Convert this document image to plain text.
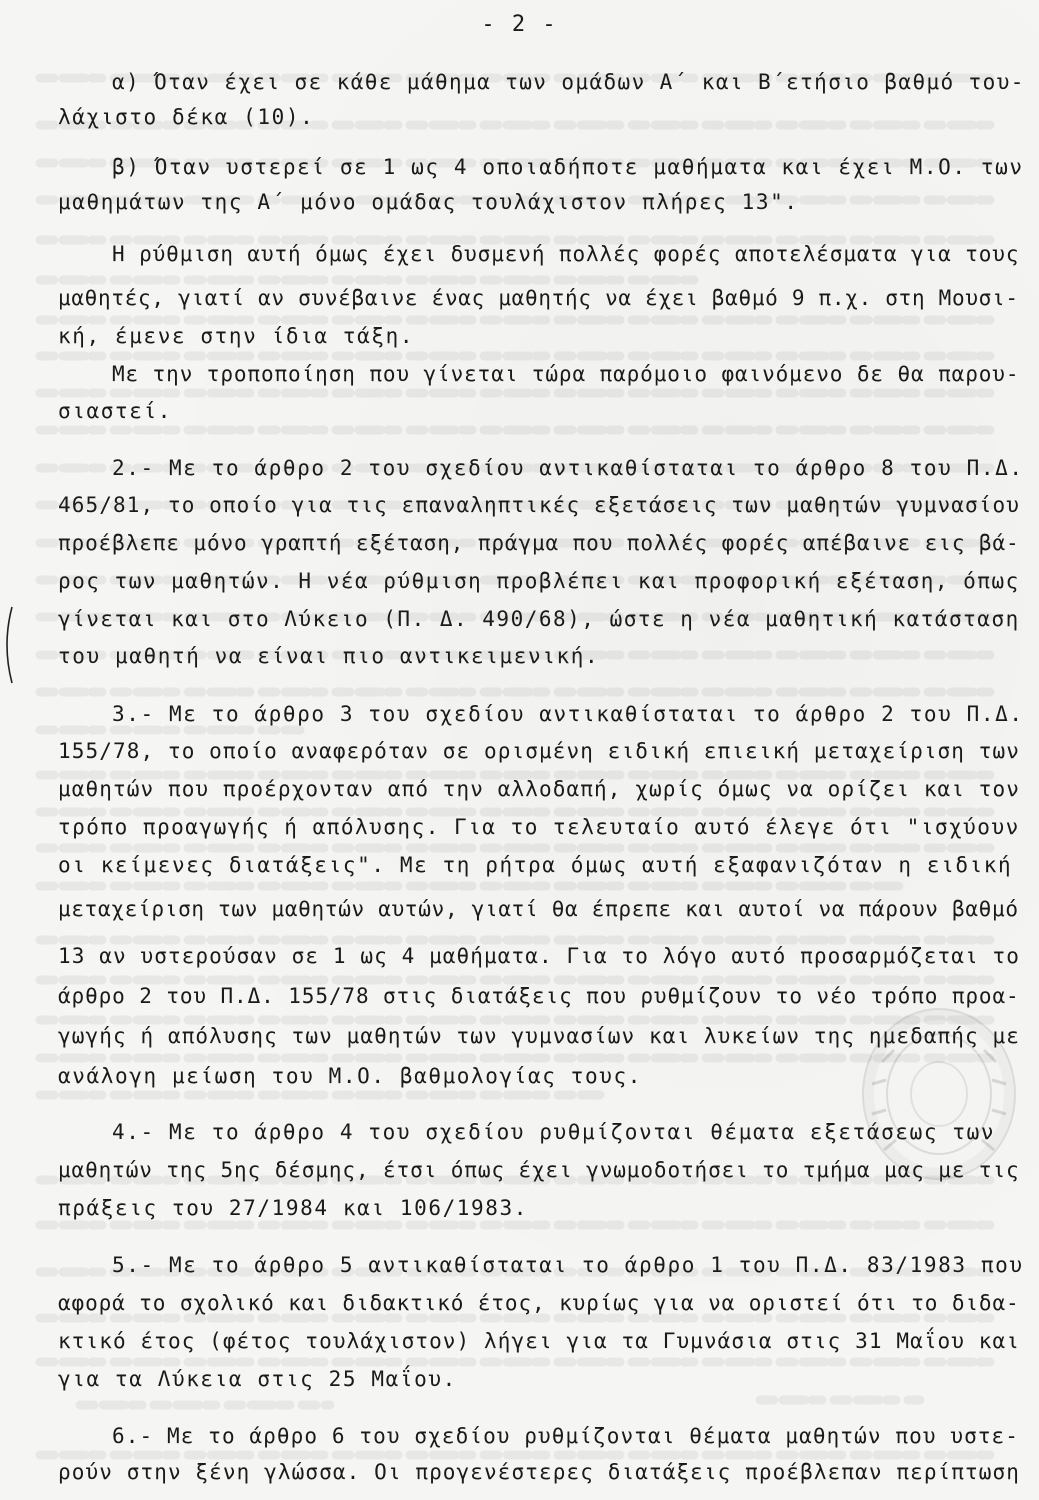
- 2 -
α) Όταν έχει σε κάθε μάθημα των ομάδων Α΄ και Β΄ετήσιο βαθμό του-
λάχιστο δέκα (10).
β) Όταν υστερεί σε 1 ως 4 οποιαδήποτε μαθήματα και έχει Μ.Ο. των
μαθημάτων της Α΄ μόνο ομάδας τουλάχιστον πλήρες 13".
Η ρύθμιση αυτή όμως έχει δυσμενή πολλές φορές αποτελέσματα για τους
μαθητές, γιατί αν συνέβαινε ένας μαθητής να έχει βαθμό 9 π.χ. στη Μουσι-
κή, έμενε στην ίδια τάξη.
Με την τροποποίηση που γίνεται τώρα παρόμοιο φαινόμενο δε θα παρου-
σιαστεί.
2.- Με το άρθρο 2 του σχεδίου αντικαθίσταται το άρθρο 8 του Π.Δ.
465/81, το οποίο για τις επαναληπτικές εξετάσεις των μαθητών γυμνασίου
προέβλεπε μόνο γραπτή εξέταση, πράγμα που πολλές φορές απέβαινε εις βά-
ρος των μαθητών. Η νέα ρύθμιση προβλέπει και προφορική εξέταση, όπως
γίνεται και στο Λύκειο (Π. Δ. 490/68), ώστε η νέα μαθητική κατάσταση
του μαθητή να είναι πιο αντικειμενική.
3.- Με το άρθρο 3 του σχεδίου αντικαθίσταται το άρθρο 2 του Π.Δ.
155/78, το οποίο αναφερόταν σε ορισμένη ειδική επιεική μεταχείριση των
μαθητών που προέρχονταν από την αλλοδαπή, χωρίς όμως να ορίζει και τον
τρόπο προαγωγής ή απόλυσης. Για το τελευταίο αυτό έλεγε ότι "ισχύουν
οι κείμενες διατάξεις". Με τη ρήτρα όμως αυτή εξαφανιζόταν η ειδική
μεταχείριση των μαθητών αυτών, γιατί θα έπρεπε και αυτοί να πάρουν βαθμό
13 αν υστερούσαν σε 1 ως 4 μαθήματα. Για το λόγο αυτό προσαρμόζεται το
άρθρο 2 του Π.Δ. 155/78 στις διατάξεις που ρυθμίζουν το νέο τρόπο προα-
γωγής ή απόλυσης των μαθητών των γυμνασίων και λυκείων της ημεδαπής με
ανάλογη μείωση του Μ.Ο. βαθμολογίας τους.
4.- Με το άρθρο 4 του σχεδίου ρυθμίζονται θέματα εξετάσεως των
μαθητών της 5ης δέσμης, έτσι όπως έχει γνωμοδοτήσει το τμήμα μας με τις
πράξεις του 27/1984 και 106/1983.
5.- Με το άρθρο 5 αντικαθίσταται το άρθρο 1 του Π.Δ. 83/1983 που
αφορά το σχολικό και διδακτικό έτος, κυρίως για να οριστεί ότι το διδα-
κτικό έτος (φέτος τουλάχιστον) λήγει για τα Γυμνάσια στις 31 Μαΐου και
για τα Λύκεια στις 25 Μαΐου.
6.- Με το άρθρο 6 του σχεδίου ρυθμίζονται θέματα μαθητών που υστε-
ρούν στην ξένη γλώσσα. Οι προγενέστερες διατάξεις προέβλεπαν περίπτωση
